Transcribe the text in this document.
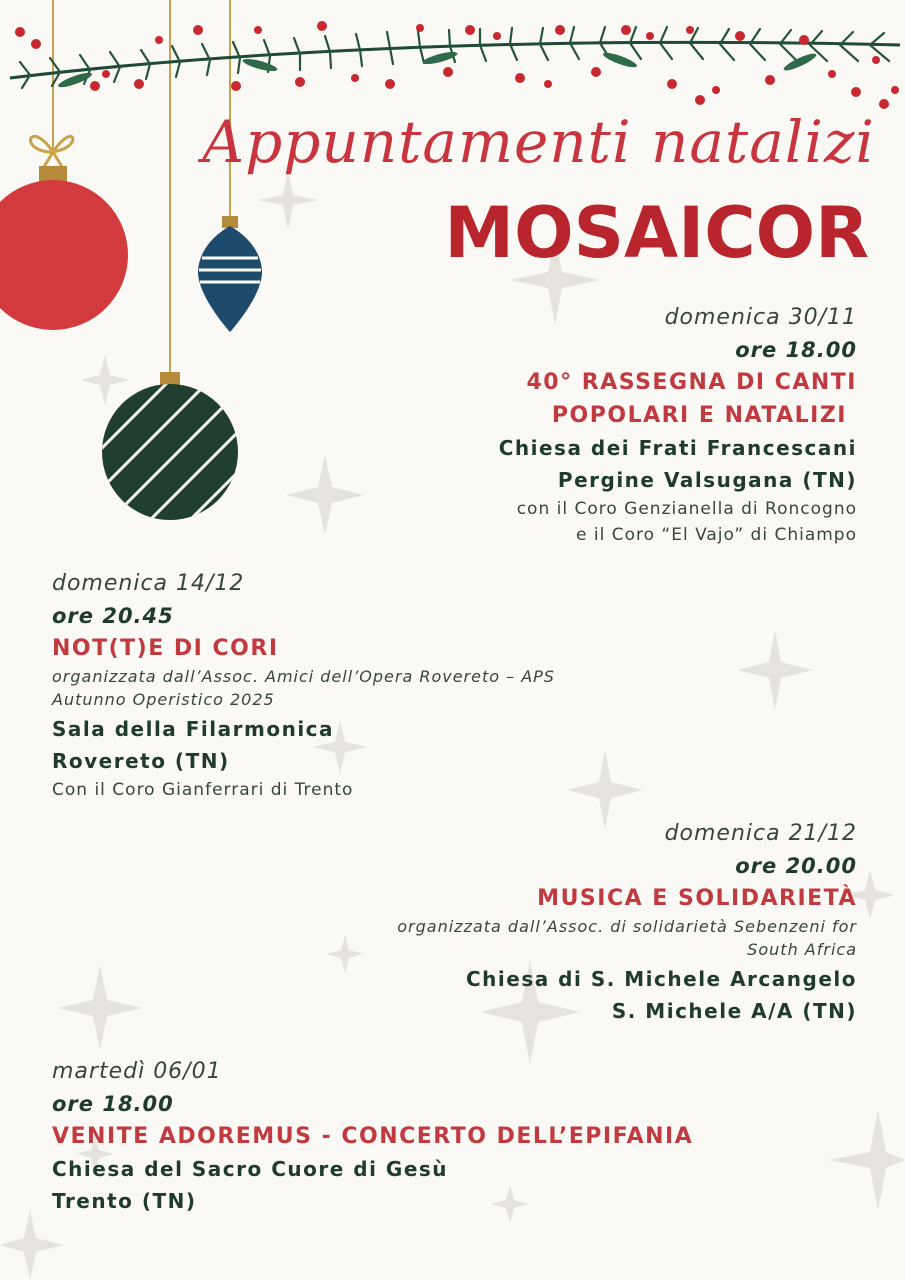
Appuntamenti natalizi
MOSAICOR
domenica 30/11
ore 18.00
40° RASSEGNA DI CANTI
POPOLARI E NATALIZI
Chiesa dei Frati Francescani
Pergine Valsugana (TN)
con il Coro Genzianella di Roncogno
e il Coro “El Vajo” di Chiampo
domenica 14/12
ore 20.45
NOT(T)E DI CORI
organizzata dall’Assoc. Amici dell’Opera Rovereto – APS
Autunno Operistico 2025
Sala della Filarmonica
Rovereto (TN)
Con il Coro Gianferrari di Trento
domenica 21/12
ore 20.00
MUSICA E SOLIDARIETÀ
organizzata dall’Assoc. di solidarietà Sebenzeni for
South Africa
Chiesa di S. Michele Arcangelo
S. Michele A/A (TN)
martedì 06/01
ore 18.00
VENITE ADOREMUS - CONCERTO DELL’EPIFANIA
Chiesa del Sacro Cuore di Gesù
Trento (TN)
